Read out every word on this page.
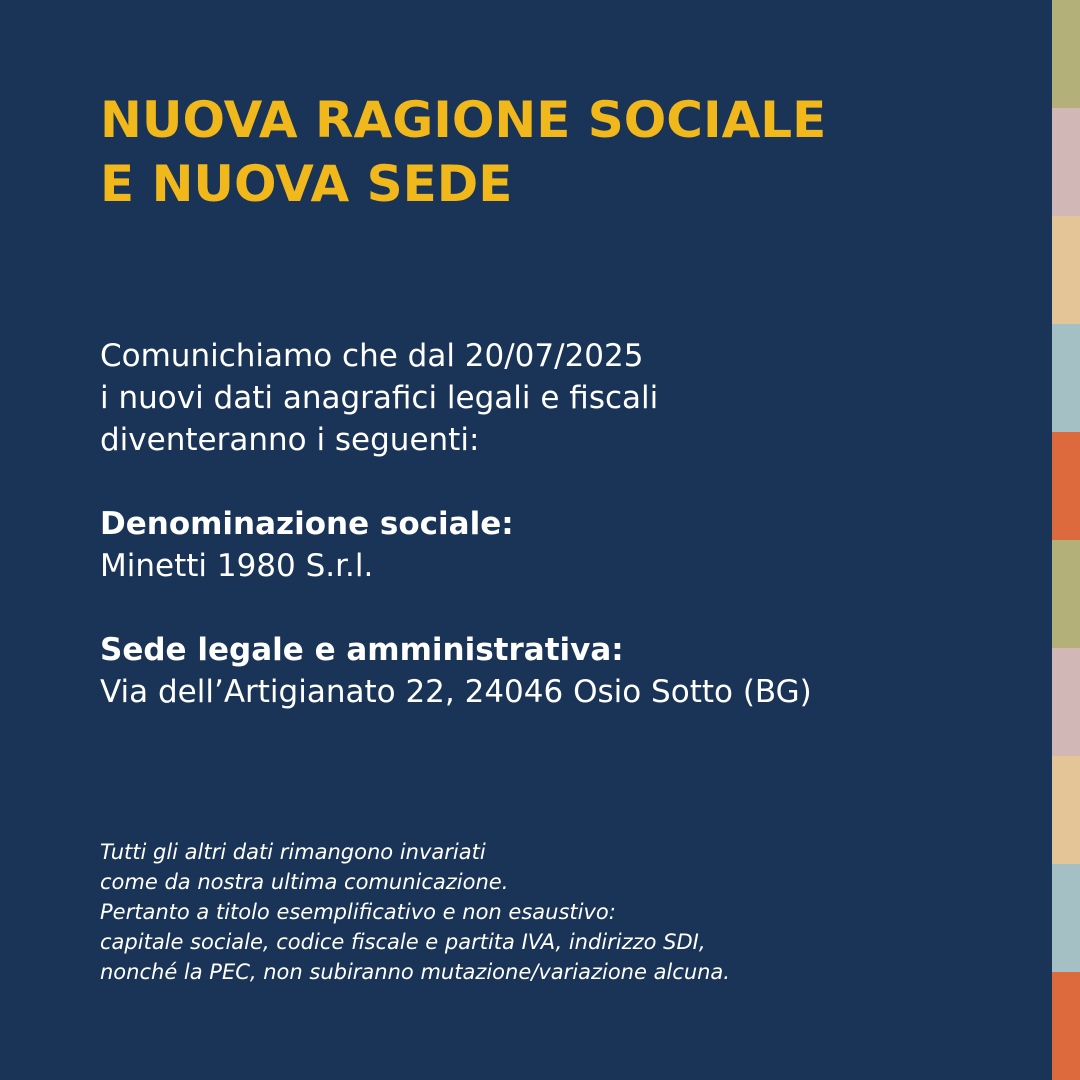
NUOVA RAGIONE SOCIALE
E NUOVA SEDE
Comunichiamo che dal 20/07/2025
i nuovi dati anagrafici legali e fiscali
diventeranno i seguenti:
Denominazione sociale:
Minetti 1980 S.r.l.
Sede legale e amministrativa:
Via dell’Artigianato 22, 24046 Osio Sotto (BG)
Tutti gli altri dati rimangono invariati
come da nostra ultima comunicazione.
Pertanto a titolo esemplificativo e non esaustivo:
capitale sociale, codice fiscale e partita IVA, indirizzo SDI,
nonché la PEC, non subiranno mutazione/variazione alcuna.
